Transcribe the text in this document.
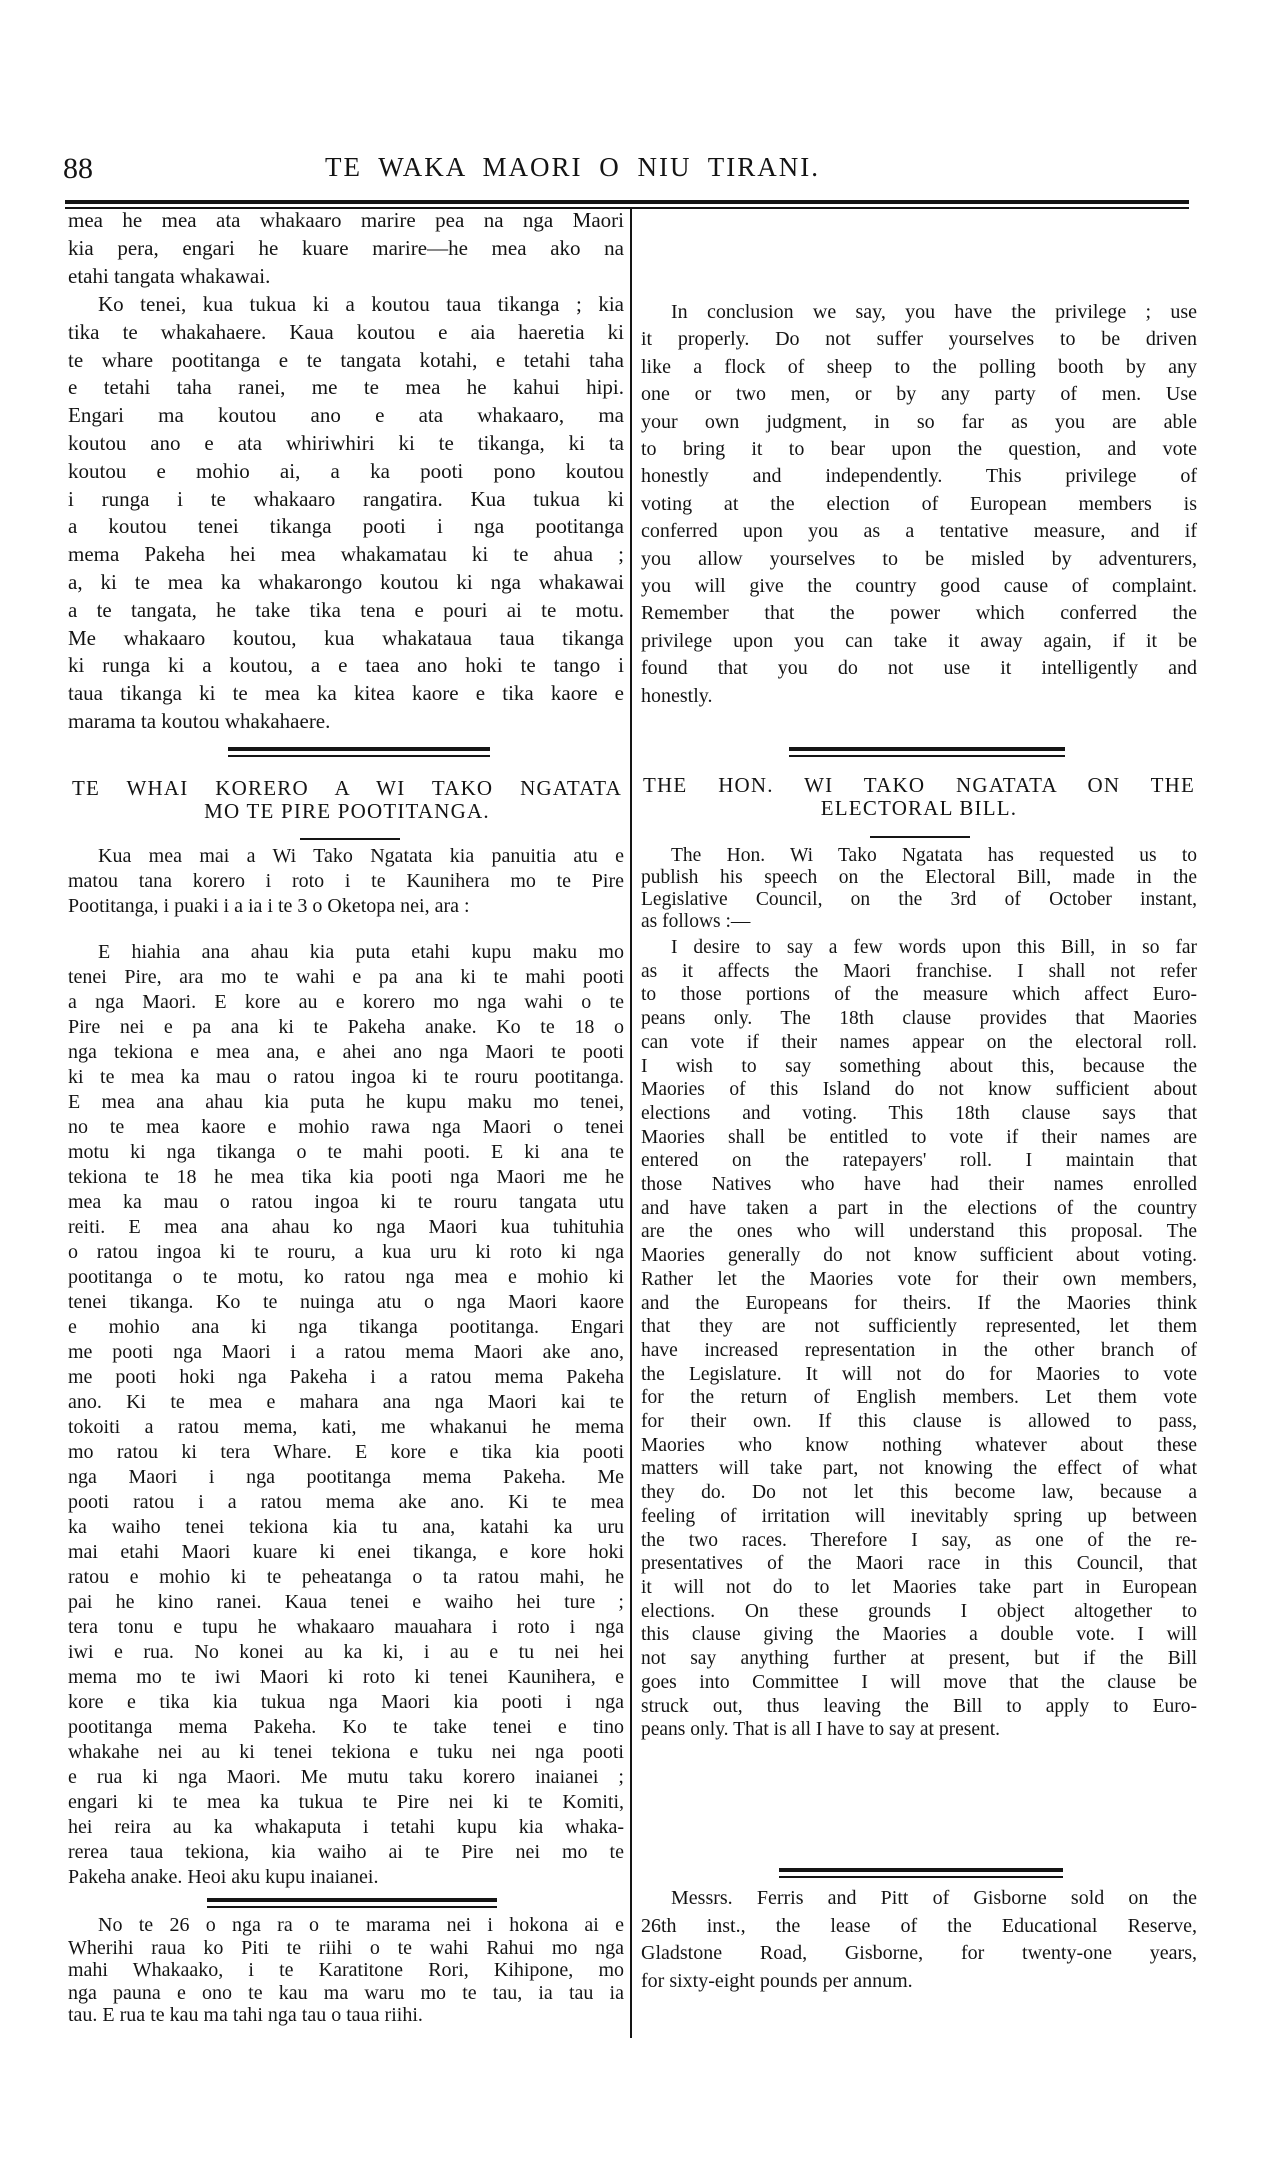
88	TE WAKA MAORI O NIU TIRANI.
mea he mea ata whakaaro marire pea na nga Maori
kia pera, engari he kuare marire—he mea ako na
etahi tangata whakawai.
Ko tenei, kua tukua ki a koutou taua tikanga ; kia
tika te whakahaere. Kaua koutou e aia haeretia ki
te whare pootitanga e te tangata kotahi, e tetahi taha
e tetahi taha ranei, me te mea he kahui hipi.
Engari ma koutou ano e ata whakaaro, ma
koutou ano e ata whiriwhiri ki te tikanga, ki ta
koutou e mohio ai, a ka pooti pono koutou
i runga i te whakaaro rangatira. Kua tukua ki
a koutou tenei tikanga pooti i nga pootitanga
mema Pakeha hei mea whakamatau ki te ahua ;
a, ki te mea ka whakarongo koutou ki nga whakawai
a te tangata, he take tika tena e pouri ai te motu.
Me whakaaro koutou, kua whakataua taua tikanga
ki runga ki a koutou, a e taea ano hoki te tango i
taua tikanga ki te mea ka kitea kaore e tika kaore e
marama ta koutou whakahaere.
TE WHAI KORERO A WI TAKO NGATATA
MO TE PIRE POOTITANGA.
Kua mea mai a Wi Tako Ngatata kia panuitia atu e
matou tana korero i roto i te Kaunihera mo te Pire
Pootitanga, i puaki i a ia i te 3 o Oketopa nei, ara :
E hiahia ana ahau kia puta etahi kupu maku mo
tenei Pire, ara mo te wahi e pa ana ki te mahi pooti
a nga Maori. E kore au e korero mo nga wahi o te
Pire nei e pa ana ki te Pakeha anake. Ko te 18 o
nga tekiona e mea ana, e ahei ano nga Maori te pooti
ki te mea ka mau o ratou ingoa ki te rouru pootitanga.
E mea ana ahau kia puta he kupu maku mo tenei,
no te mea kaore e mohio rawa nga Maori o tenei
motu ki nga tikanga o te mahi pooti. E ki ana te
tekiona te 18 he mea tika kia pooti nga Maori me he
mea ka mau o ratou ingoa ki te rouru tangata utu
reiti. E mea ana ahau ko nga Maori kua tuhituhia
o ratou ingoa ki te rouru, a kua uru ki roto ki nga
pootitanga o te motu, ko ratou nga mea e mohio ki
tenei tikanga. Ko te nuinga atu o nga Maori kaore
e mohio ana ki nga tikanga pootitanga. Engari
me pooti nga Maori i a ratou mema Maori ake ano,
me pooti hoki nga Pakeha i a ratou mema Pakeha
ano. Ki te mea e mahara ana nga Maori kai te
tokoiti a ratou mema, kati, me whakanui he mema
mo ratou ki tera Whare. E kore e tika kia pooti
nga Maori i nga pootitanga mema Pakeha. Me
pooti ratou i a ratou mema ake ano. Ki te mea
ka waiho tenei tekiona kia tu ana, katahi ka uru
mai etahi Maori kuare ki enei tikanga, e kore hoki
ratou e mohio ki te peheatanga o ta ratou mahi, he
pai he kino ranei. Kaua tenei e waiho hei ture ;
tera tonu e tupu he whakaaro mauahara i roto i nga
iwi e rua. No konei au ka ki, i au e tu nei hei
mema mo te iwi Maori ki roto ki tenei Kaunihera, e
kore e tika kia tukua nga Maori kia pooti i nga
pootitanga mema Pakeha. Ko te take tenei e tino
whakahe nei au ki tenei tekiona e tuku nei nga pooti
e rua ki nga Maori. Me mutu taku korero inaianei ;
engari ki te mea ka tukua te Pire nei ki te Komiti,
hei reira au ka whakaputa i tetahi kupu kia whaka-
rerea taua tekiona, kia waiho ai te Pire nei mo te
Pakeha anake. Heoi aku kupu inaianei.
No te 26 o nga ra o te marama nei i hokona ai e
Wherihi raua ko Piti te riihi o te wahi Rahui mo nga
mahi Whakaako, i te Karatitone Rori, Kihipone, mo
nga pauna e ono te kau ma waru mo te tau, ia tau ia
tau. E rua te kau ma tahi nga tau o taua riihi.
In conclusion we say, you have the privilege ; use
it properly. Do not suffer yourselves to be driven
like a flock of sheep to the polling booth by any
one or two men, or by any party of men. Use
your own judgment, in so far as you are able
to bring it to bear upon the question, and vote
honestly and independently. This privilege of
voting at the election of European members is
conferred upon you as a tentative measure, and if
you allow yourselves to be misled by adventurers,
you will give the country good cause of complaint.
Remember that the power which conferred the
privilege upon you can take it away again, if it be
found that you do not use it intelligently and
honestly.
THE HON. WI TAKO NGATATA ON THE
ELECTORAL BILL.
The Hon. Wi Tako Ngatata has requested us to
publish his speech on the Electoral Bill, made in the
Legislative Council, on the 3rd of October instant,
as follows :—
I desire to say a few words upon this Bill, in so far
as it affects the Maori franchise. I shall not refer
to those portions of the measure which affect Euro-
peans only. The 18th clause provides that Maories
can vote if their names appear on the electoral roll.
I wish to say something about this, because the
Maories of this Island do not know sufficient about
elections and voting. This 18th clause says that
Maories shall be entitled to vote if their names are
entered on the ratepayers' roll. I maintain that
those Natives who have had their names enrolled
and have taken a part in the elections of the country
are the ones who will understand this proposal. The
Maories generally do not know sufficient about voting.
Rather let the Maories vote for their own members,
and the Europeans for theirs. If the Maories think
that they are not sufficiently represented, let them
have increased representation in the other branch of
the Legislature. It will not do for Maories to vote
for the return of English members. Let them vote
for their own. If this clause is allowed to pass,
Maories who know nothing whatever about these
matters will take part, not knowing the effect of what
they do. Do not let this become law, because a
feeling of irritation will inevitably spring up between
the two races. Therefore I say, as one of the re-
presentatives of the Maori race in this Council, that
it will not do to let Maories take part in European
elections. On these grounds I object altogether to
this clause giving the Maories a double vote. I will
not say anything further at present, but if the Bill
goes into Committee I will move that the clause be
struck out, thus leaving the Bill to apply to Euro-
peans only. That is all I have to say at present.
Messrs. Ferris and Pitt of Gisborne sold on the
26th inst., the lease of the Educational Reserve,
Gladstone Road, Gisborne, for twenty-one years,
for sixty-eight pounds per annum.
